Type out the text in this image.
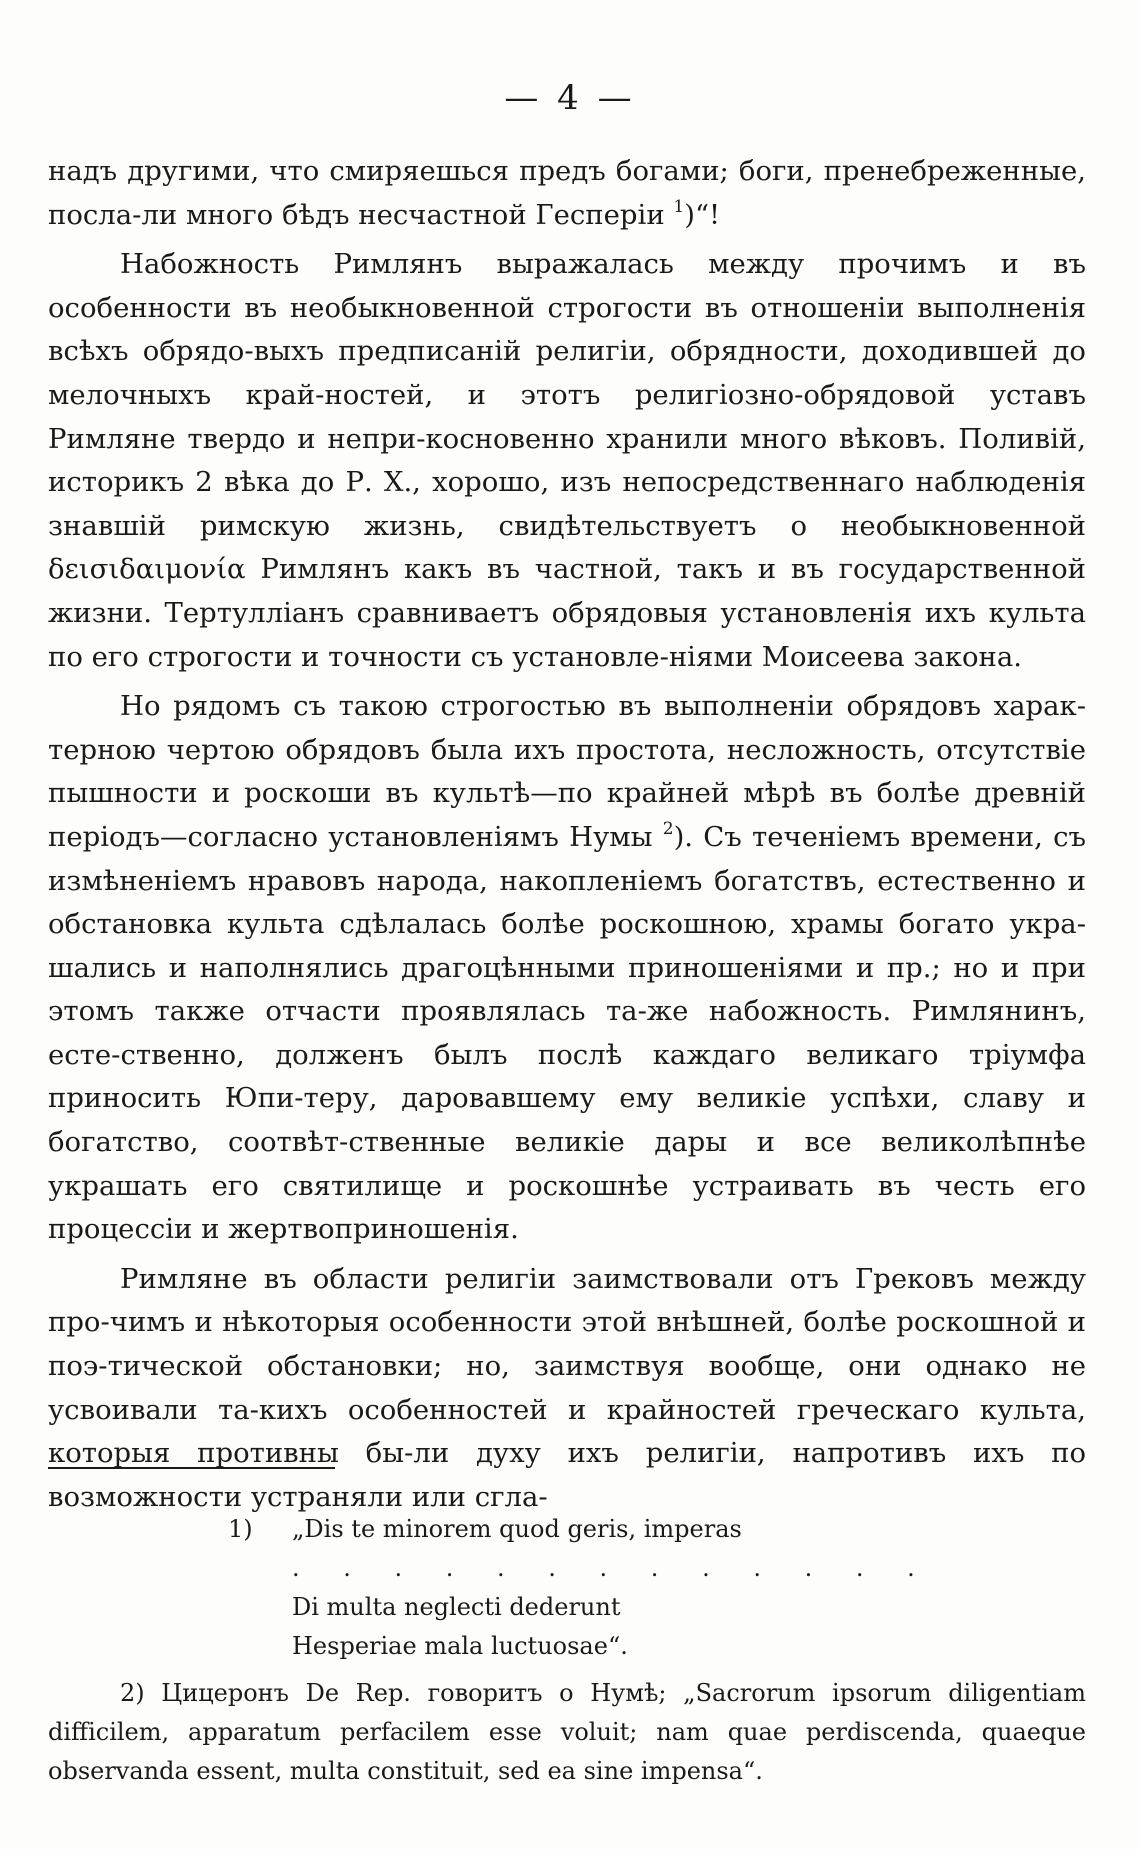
— 4 —

надъ другими, что смиряешься предъ богами; боги, пренебреженные, посла-ли много бѣдъ несчастной Гесперіи $^1$)“!

Набожность Римлянъ выражалась между прочимъ и въ особенности въ необыкновенной строгости въ отношеніи выполненія всѣхъ обрядо-выхъ предписаній религіи, обрядности, доходившей до мелочныхъ край-ностей, и этотъ религіозно-обрядовой уставъ Римляне твердо и непри-косновенно хранили много вѣковъ. Поливій, историкъ 2 вѣка до Р. X., хорошо, изъ непосредственнаго наблюденія знавшій римскую жизнь, свидѣтельствуетъ о необыкновенной δεισιδαιμονία Римлянъ какъ въ частной, такъ и въ государственной жизни. Тертулліанъ сравниваетъ обрядовыя установленія ихъ культа по его строгости и точности съ установле-ніями Моисеева закона.

Но рядомъ съ такою строгостью въ выполненіи обрядовъ харак-терною чертою обрядовъ была ихъ простота, несложность, отсутствіе пышности и роскоши въ культѣ—по крайней мѣрѣ въ болѣе древній періодъ—согласно установленіямъ Нумы $^2$). Съ теченіемъ времени, съ измѣненіемъ нравовъ народа, накопленіемъ богатствъ, естественно и обстановка культа сдѣлалась болѣе роскошною, храмы богато укра-шались и наполнялись драгоцѣнными приношеніями и пр.; но и при этомъ также отчасти проявлялась та-же набожность. Римлянинъ, есте-ственно, долженъ былъ послѣ каждаго великаго тріумфа приносить Юпи-теру, даровавшему ему великіе успѣхи, славу и богатство, соотвѣт-ственные великіе дары и все великолѣпнѣе украшать его святилище и роскошнѣе устраивать въ честь его процессіи и жертвоприношенія.

Римляне въ области религіи заимствовали отъ Грековъ между про-чимъ и нѣкоторыя особенности этой внѣшней, болѣе роскошной и поэ-тической обстановки; но, заимствуя вообще, они однако не усвоивали та-кихъ особенностей и крайностей греческаго культа, которыя противны бы-ли духу ихъ религіи, напротивъ ихъ по возможности устраняли или сгла-

1) „Dis te minorem quod geris, imperas
. . . . . . . . . . . . .
Di multa neglecti dederunt
Hesperiae mala luctuosae“.
2) Цицеронъ De Rep. говоритъ о Нумѣ; „Sacrorum ipsorum diligentiam difficilem, apparatum perfacilem esse voluit; nam quae perdiscenda, quaeque observanda essent, multa constituit, sed ea sine impensa“.
